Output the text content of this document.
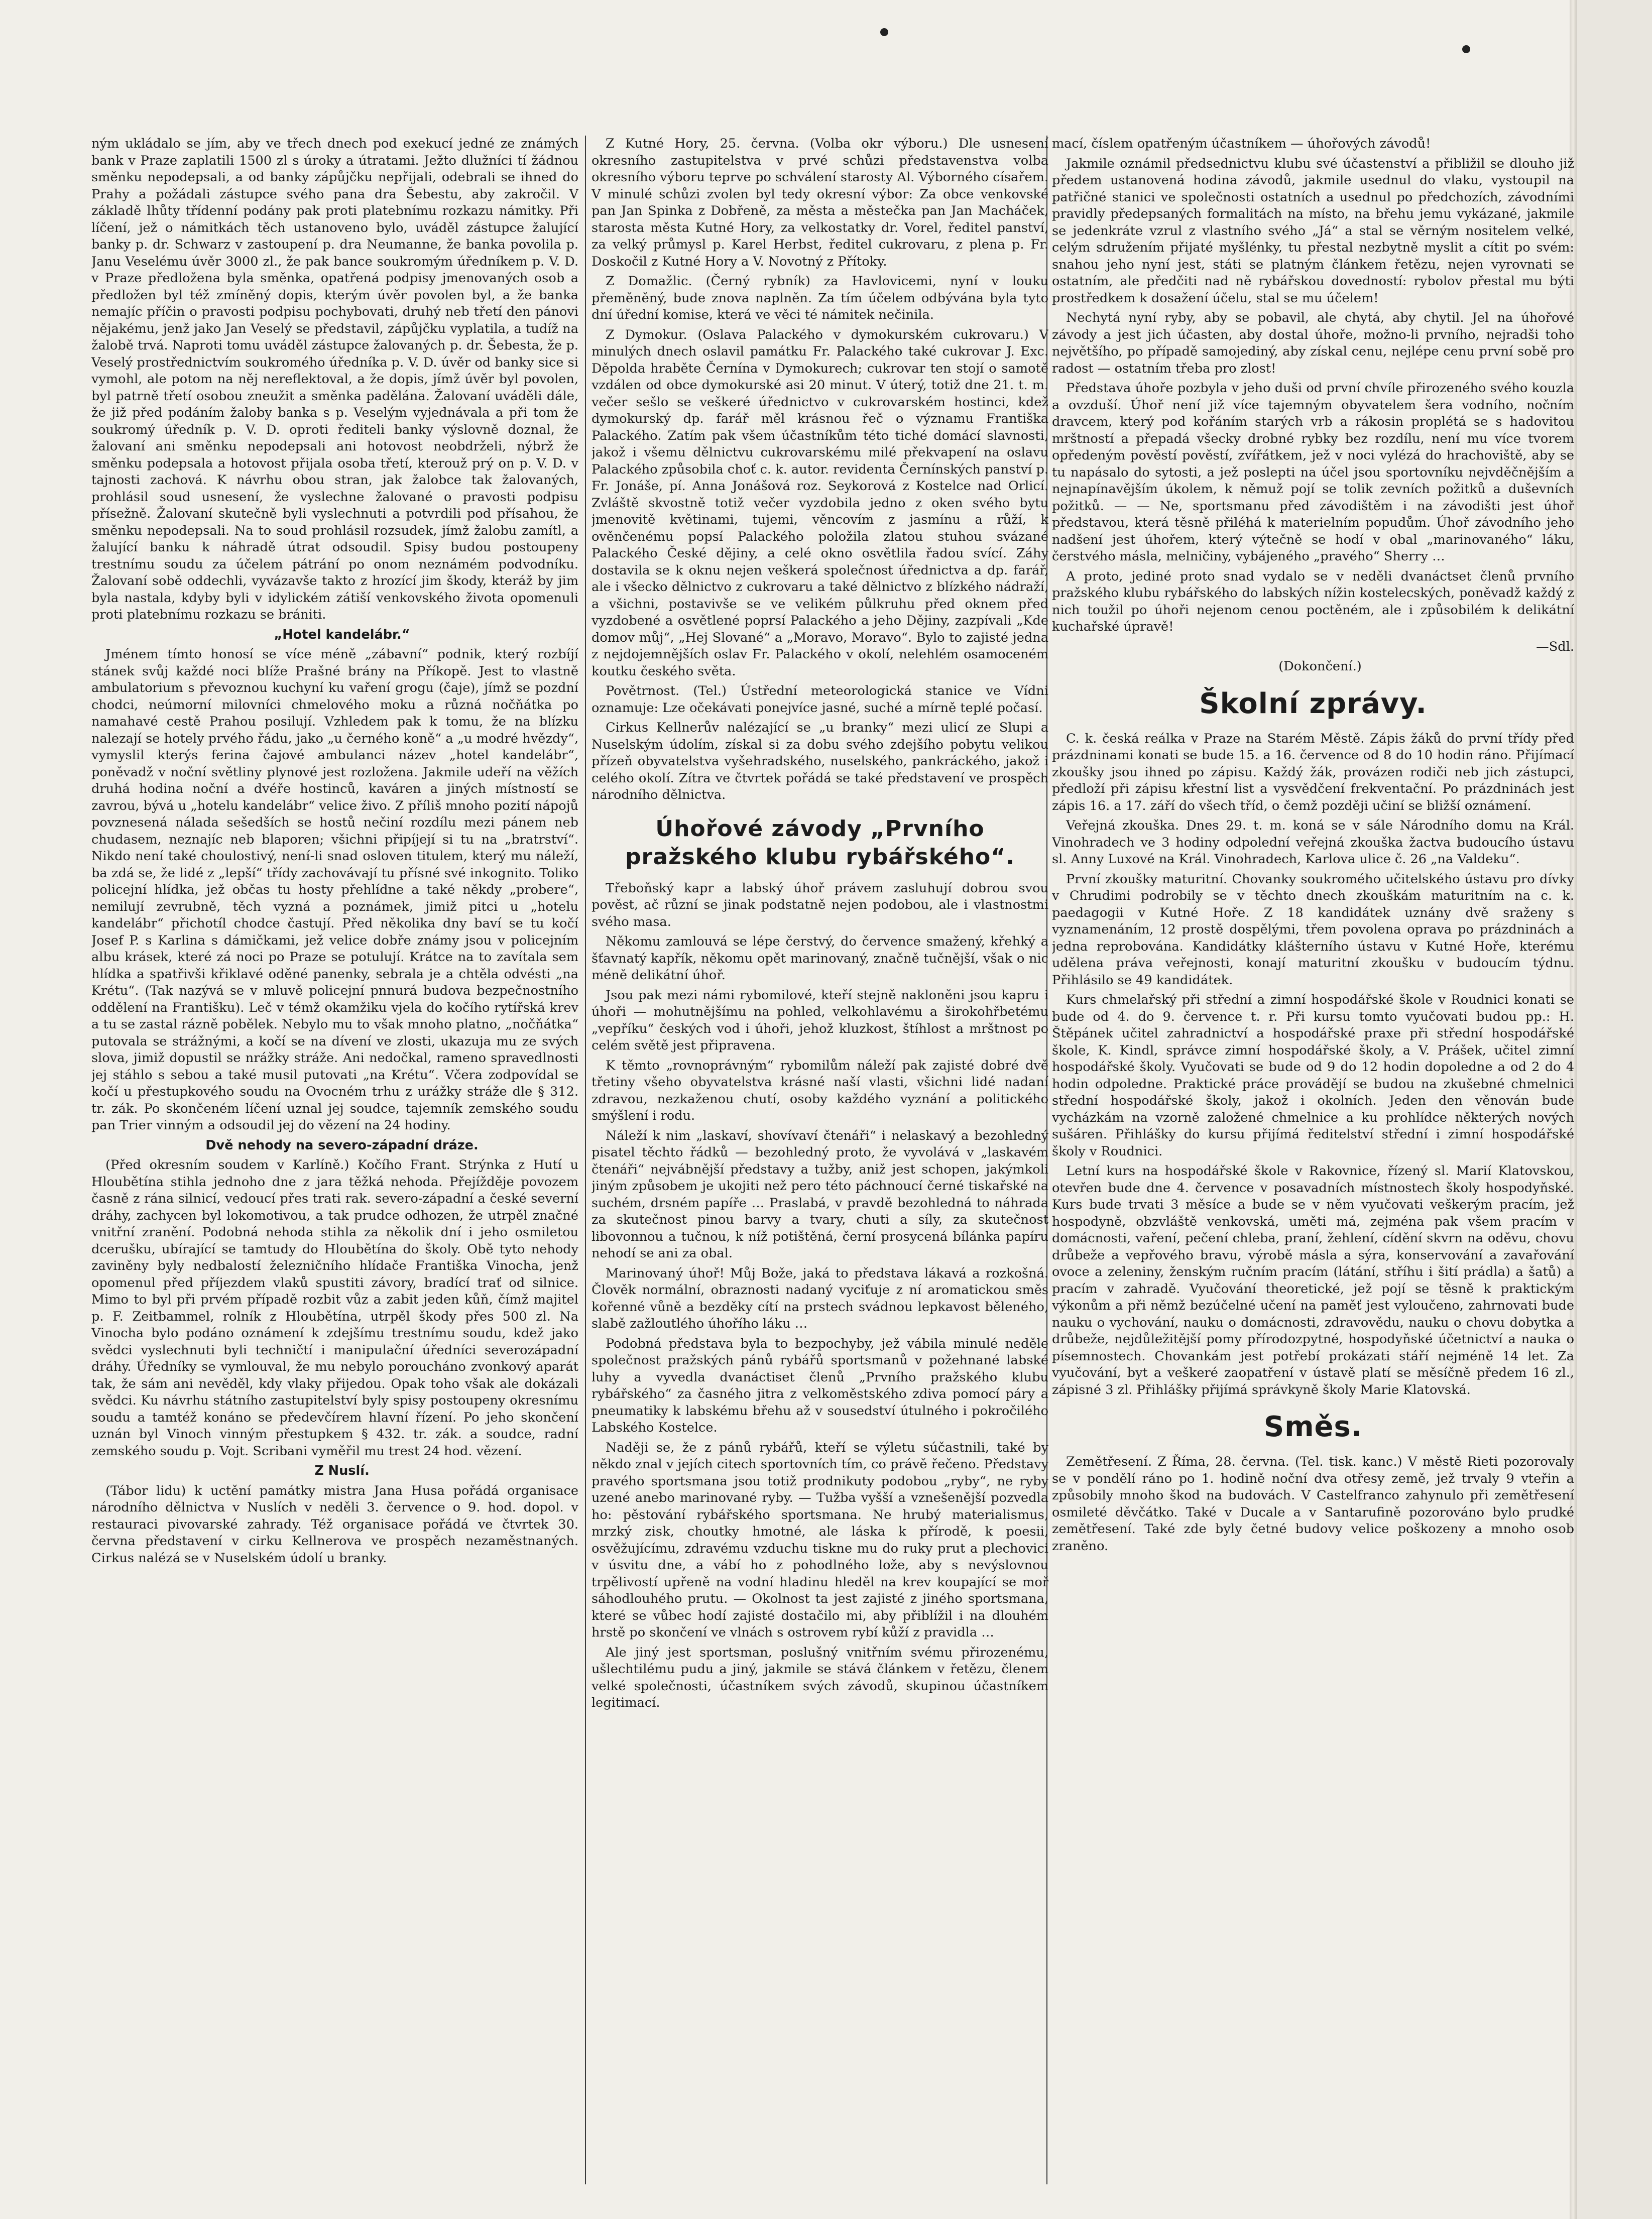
ným ukládalo se jím, aby ve třech dnech pod exekucí jedné ze známých bank v Praze zaplatili 1500 zl s úroky a útratami. Ježto dlužníci tí žádnou směnku nepodepsali, a od banky zápůjčku nepřijali, odebrali se ihned do Prahy a požádali zástupce svého pana dra Šebestu, aby zakročil. V základě lhůty třídenní podány pak proti platebnímu rozkazu námitky. Při líčení, jež o námitkách těch ustanoveno bylo, uváděl zástupce žalující banky p. dr. Schwarz v zastoupení p. dra Neumanne, že banka povolila p. Janu Veselému úvěr 3000 zl., že pak bance soukromým úředníkem p. V. D. v Praze předložena byla směnka, opatřená podpisy jmenovaných osob a předložen byl též zmíněný dopis, kterým úvěr povolen byl, a že banka nemajíc příčin o pravosti podpisu pochybovati, druhý neb třetí den pánovi nějakému, jenž jako Jan Veselý se představil, zápůjčku vyplatila, a tudíž na žalobě trvá. Naproti tomu uváděl zástupce žalovaných p. dr. Šebesta, že p. Veselý prostřednictvím soukromého úředníka p. V. D. úvěr od banky sice si vymohl, ale potom na něj nereflektoval, a že dopis, jímž úvěr byl povolen, byl patrně třetí osobou zneužit a směnka padělána. Žalovaní uváděli dále, že již před podáním žaloby banka s p. Veselým vyjednávala a při tom že soukromý úředník p. V. D. oproti řediteli banky výslovně doznal, že žalovaní ani směnku nepodepsali ani hotovost neobdrželi, nýbrž že směnku podepsala a hotovost přijala osoba třetí, kterouž prý on p. V. D. v tajnosti zachová. K návrhu obou stran, jak žalobce tak žalovaných, prohlásil soud usnesení, že vyslechne žalované o pravosti podpisu přísežně. Žalovaní skutečně byli vyslechnuti a potvrdili pod přísahou, že směnku nepodepsali. Na to soud prohlásil rozsudek, jímž žalobu zamítl, a žalující banku k náhradě útrat odsoudil. Spisy budou postoupeny trestnímu soudu za účelem pátrání po onom neznámém podvodníku. Žalovaní sobě oddechli, vyvázavše takto z hrozící jim škody, kteráž by jim byla nastala, kdyby byli v idylickém zátiší venkovského života opomenuli proti platebnímu rozkazu se brániti.

„Hotel kandelábr.“

Jménem tímto honosí se více méně „zábavní“ podnik, který rozbíjí stánek svůj každé noci blíže Prašné brány na Příkopě. Jest to vlastně ambulatorium s převoznou kuchyní ku vaření grogu (čaje), jímž se pozdní chodci, neúmorní milovníci chmelového moku a různá nočňátka po namahavé cestě Prahou posilují. Vzhledem pak k tomu, že na blízku nalezají se hotely prvého řádu, jako „u černého koně“ a „u modré hvězdy“, vymyslil kterýs ferina čajové ambulanci název „hotel kandelábr“, poněvadž v noční světliny plynové jest rozložena. Jakmile udeří na věžích druhá hodina noční a dvéře hostinců, kaváren a jiných místností se zavrou, bývá u „hotelu kandelábr“ velice živo. Z příliš mnoho pozití nápojů povznesená nálada sešedších se hostů nečiní rozdílu mezi pánem neb chudasem, neznajíc neb blaporen; všichni připíjejí si tu na „bratrství“. Nikdo není také choulostivý, není-li snad osloven titulem, který mu náleží, ba zdá se, že lidé z „lepší“ třídy zachovávají tu přísné své inkognito. Toliko policejní hlídka, jež občas tu hosty přehlídne a také někdy „probere“, nemilují zevrubně, těch vyzná a poznámek, jimiž pitci u „hotelu kandelábr“ přichotíl chodce častují. Před několika dny baví se tu kočí Josef P. s Karlina s dámičkami, jež velice dobře známy jsou v policejním albu krásek, které zá noci po Praze se potulují. Krátce na to zavítala sem hlídka a spatřivši křiklavé oděné panenky, sebrala je a chtěla odvésti „na Krétu“. (Tak nazývá se v mluvě policejní pnnurá budova bezpečnostního oddělení na Františku). Leč v témž okamžiku vjela do kočího rytířská krev a tu se zastal rázně pobělek. Nebylo mu to však mnoho platno, „nočňátka“ putovala se strážnými, a kočí se na dívení ve zlosti, ukazuja mu ze svých slova, jimiž dopustil se nrážky stráže. Ani nedočkal, rameno spravedlnosti jej stáhlo s sebou a také musil putovati „na Krétu“. Včera zodpovídal se kočí u přestupkového soudu na Ovocném trhu z urážky stráže dle § 312. tr. zák. Po skončeném líčení uznal jej soudce, tajemník zemského soudu pan Trier vinným a odsoudil jej do vězení na 24 hodiny.

Dvě nehody na severo-západní dráze.

(Před okresním soudem v Karlíně.) Kočího Frant. Strýnka z Hutí u Hloubětína stihla jednoho dne z jara těžká nehoda. Přejížděje povozem časně z rána silnicí, vedoucí přes trati rak. severo-západní a české severní dráhy, zachycen byl lokomotivou, a tak prudce odhozen, že utrpěl značné vnitřní zranění. Podobná nehoda stihla za několik dní i jeho osmiletou dcerušku, ubírající se tamtudy do Hloubětína do školy. Obě tyto nehody zaviněny byly nedbalostí železničního hlídače Františka Vinocha, jenž opomenul před příjezdem vlaků spustiti závory, bradící trať od silnice. Mimo to byl při prvém případě rozbit vůz a zabit jeden kůň, čímž majitel p. F. Zeitbammel, rolník z Hloubětína, utrpěl škody přes 500 zl. Na Vinocha bylo podáno oznámení k zdejšímu trestnímu soudu, kdež jako svědci vyslechnuti byli techničtí i manipulační úředníci severozápadní dráhy. Úředníky se vymlouval, že mu nebylo poroucháno zvonkový aparát tak, že sám ani nevěděl, kdy vlaky přijedou. Opak toho však ale dokázali svědci. Ku návrhu státního zastupitelství byly spisy postoupeny okresnímu soudu a tamtéž konáno se předevčírem hlavní řízení. Po jeho skončení uznán byl Vinoch vinným přestupkem § 432. tr. zák. a soudce, radní zemského soudu p. Vojt. Scribani vyměřil mu trest 24 hod. vězení.

Z Nuslí.

(Tábor lidu) k uctění památky mistra Jana Husa pořádá organisace národního dělnictva v Nuslích v neděli 3. července o 9. hod. dopol. v restauraci pivovarské zahrady. Též organisace pořádá ve čtvrtek 30. června představení v cirku Kellnerova ve prospěch nezaměstnaných. Cirkus nalézá se v Nuselském údolí u branky.

Z Kutné Hory, 25. června. (Volba okr výboru.) Dle usnesení okresního zastupitelstva v prvé schůzi představenstva volba okresního výboru teprve po schválení starosty Al. Výborného císařem. V minulé schůzi zvolen byl tedy okresní výbor: Za obce venkovské pan Jan Spinka z Dobřeně, za města a městečka pan Jan Macháček, starosta města Kutné Hory, za velkostatky dr. Vorel, ředitel panství, za velký průmysl p. Karel Herbst, ředitel cukrovaru, z plena p. Fr. Doskočil z Kutné Hory a V. Novotný z Přítoky.

Z Domažlic. (Černý rybník) za Havlovicemi, nyní v louku přeměněný, bude znova naplněn. Za tím účelem odbývána byla tyto dní úřední komise, která ve věci té námitek nečinila.

Z Dymokur. (Oslava Palackého v dymokurském cukrovaru.) V minulých dnech oslavil památku Fr. Palackého také cukrovar J. Exc. Děpolda hraběte Černína v Dymokurech; cukrovar ten stojí o samotě vzdálen od obce dymokurské asi 20 minut. V úterý, totiž dne 21. t. m. večer sešlo se veškeré úřednictvo v cukrovarském hostinci, kdež dymokurský dp. farář měl krásnou řeč o významu Františka Palackého. Zatím pak všem účastníkům této tiché domácí slavnosti, jakož i všemu dělnictvu cukrovarskému milé překvapení na oslavu Palackého způsobila choť c. k. autor. revidenta Černínských panství p. Fr. Jonáše, pí. Anna Jonášová roz. Seykorová z Kostelce nad Orlicí. Zvláště skvostně totiž večer vyzdobila jedno z oken svého bytu jmenovitě květinami, tujemi, věncovím z jasmínu a růží, k ověnčenému popsí Palackého položila zlatou stuhou svázané Palackého České dějiny, a celé okno osvětlila řadou svící. Záhy dostavila se k oknu nejen veškerá společnost úřednictva a dp. farář, ale i všecko dělnictvo z cukrovaru a také dělnictvo z blízkého nádraží, a všichni, postavivše se ve velikém půlkruhu před oknem před vyzdobené a osvětlené poprsí Palackého a jeho Dějiny, zazpívali „Kde domov můj“, „Hej Slované“ a „Moravo, Moravo“. Bylo to zajisté jedna z nejdojemnějších oslav Fr. Palackého v okolí, nelehlém osamoceném koutku českého světa.

Povětrnost. (Tel.) Ústřední meteorologická stanice ve Vídni oznamuje: Lze očekávati ponejvíce jasné, suché a mírně teplé počasí.

Cirkus Kellnerův nalézající se „u branky“ mezi ulicí ze Slupi a Nuselským údolím, získal si za dobu svého zdejšího pobytu velikou přízeň obyvatelstva vyšehradského, nuselského, pankráckého, jakož i celého okolí. Zítra ve čtvrtek pořádá se také představení ve prospěch národního dělnictva.

Úhořové závody „Prvního pražského klubu rybářského“.

Třeboňský kapr a labský úhoř právem zasluhují dobrou svou pověst, ač různí se jinak podstatně nejen podobou, ale i vlastnostmi svého masa.

Někomu zamlouvá se lépe čerstvý, do července smažený, křehký a šťavnatý kapřík, někomu opět marinovaný, značně tučnější, však o nic méně delikátní úhoř.

Jsou pak mezi námi rybomilové, kteří stejně nakloněni jsou kapru i úhoři — mohutnějšímu na pohled, velkohlavému a širokohřbetému „vepříku“ českých vod i úhoři, jehož kluzkost, štíhlost a mrštnost po celém světě jest připravena.

K těmto „rovnoprávným“ rybomilům náleží pak zajisté dobré dvě třetiny všeho obyvatelstva krásné naší vlasti, všichni lidé nadaní zdravou, nezkaženou chutí, osoby každého vyznání a politického smýšlení i rodu.

Náleží k nim „laskaví, shovívaví čtenáři“ i nelaskavý a bezohledný pisatel těchto řádků — bezohledný proto, že vyvolává v „laskavém čtenáři“ nejvábnější představy a tužby, aniž jest schopen, jakýmkoli jiným způsobem je ukojiti než pero této páchnoucí černé tiskařské na suchém, drsném papíře … Praslabá, v pravdě bezohledná to náhrada za skutečnost pinou barvy a tvary, chuti a síly, za skutečnost libovonnou a tučnou, k níž potištěná, černí prosycená bílánka papíru nehodí se ani za obal.

Marinovaný úhoř! Můj Bože, jaká to představa lákavá a rozkošná. Člověk normální, obraznosti nadaný vyciťuje z ní aromatickou směs kořenné vůně a bezděky cítí na prstech svádnou lepkavost běleného, slabě zažloutlého úhořího láku …

Podobná představa byla to bezpochyby, jež vábila minulé neděle společnost pražských pánů rybářů sportsmanů v požehnané labské luhy a vyvedla dvanáctiset členů „Prvního pražského klubu rybářského“ za časného jitra z velkoměstského zdiva pomocí páry a pneumatiky k labskému břehu až v sousedství útulného i pokročilého Labského Kostelce.

Naději se, že z pánů rybářů, kteří se výletu súčastnili, také by někdo znal v jejích citech sportovních tím, co právě řečeno. Představy pravého sportsmana jsou totiž prodnikuty podobou „ryby“, ne ryby uzené anebo marinované ryby. — Tužba vyšší a vznešenější pozvedla ho: pěstování rybářského sportsmana. Ne hrubý materialismus, mrzký zisk, choutky hmotné, ale láska k přírodě, k poesii, osvěžujícímu, zdravému vzduchu tiskne mu do ruky prut a plechovici v úsvitu dne, a vábí ho z pohodlného lože, aby s nevýslovnou trpělivostí upřeně na vodní hladinu hleděl na krev koupající se moř sáhodlouhého prutu. — Okolnost ta jest zajisté z jiného sportsmana, které se vůbec hodí zajisté dostačilo mi, aby přiblížil i na dlouhém hrstě po skončení ve vlnách s ostrovem rybí kůží z pravidla …

Ale jiný jest sportsman, poslušný vnitřním svému přirozenému, ušlechtilému pudu a jiný, jakmile se stává článkem v řetězu, členem velké společnosti, účastníkem svých závodů, skupinou účastníkem legitimací.

mací, číslem opatřeným účastníkem — úhořových závodů!

Jakmile oznámil předsednictvu klubu své účastenství a přibližil se dlouho již předem ustanovená hodina závodů, jakmile usednul do vlaku, vystoupil na patřičné stanici ve společnosti ostatních a usednul po předchozích, závodními pravidly předepsaných formalitách na místo, na břehu jemu vykázané, jakmile se jedenkráte vzrul z vlastního svého „Já“ a stal se věrným nositelem velké, celým sdružením přijaté myšlénky, tu přestal nezbytně myslit a cítit po svém: snahou jeho nyní jest, státi se platným článkem řetězu, nejen vyrovnati se ostatním, ale předčiti nad ně rybářskou dovedností: rybolov přestal mu býti prostředkem k dosažení účelu, stal se mu účelem!

Nechytá nyní ryby, aby se pobavil, ale chytá, aby chytil. Jel na úhořové závody a jest jich účasten, aby dostal úhoře, možno-li prvního, nejradši toho největšího, po případě samojediný, aby získal cenu, nejlépe cenu první sobě pro radost — ostatním třeba pro zlost!

Představa úhoře pozbyla v jeho duši od první chvíle přirozeného svého kouzla a ovzduší. Úhoř není již více tajemným obyvatelem šera vodního, nočním dravcem, který pod kořáním starých vrb a rákosin proplétá se s hadovitou mrštností a přepadá všecky drobné rybky bez rozdílu, není mu více tvorem opředeným pověstí pověstí, zvířátkem, jež v noci vylézá do hrachoviště, aby se tu napásalo do sytosti, a jež poslepti na účel jsou sportovníku nejvděčnějším a nejnapínavějším úkolem, k němuž pojí se tolik zevních požitků a duševních požitků. — — Ne, sportsmanu před závodištěm i na závodišti jest úhoř představou, která těsně přiléhá k materielním popudům. Úhoř závodního jeho nadšení jest úhořem, který výtečně se hodí v obal „marinovaného“ láku, čerstvého másla, melničiny, vybájeného „pravého“ Sherry …

A proto, jediné proto snad vydalo se v neděli dvanáctset členů prvního pražského klubu rybářského do labských nížin kostelecských, poněvadž každý z nich toužil po úhoři nejenom cenou poctěném, ale i způsobilém k delikátní kuchařské úpravě!

—Sdl.

(Dokončení.)

Školní zprávy.

C. k. česká reálka v Praze na Starém Městě. Zápis žáků do první třídy před prázdninami konati se bude 15. a 16. července od 8 do 10 hodin ráno. Přijímací zkoušky jsou ihned po zápisu. Každý žák, provázen rodiči neb jich zástupci, předloží při zápisu křestní list a vysvědčení frekventační. Po prázdninách jest zápis 16. a 17. září do všech tříd, o čemž později učiní se bližší oznámení.

Veřejná zkouška. Dnes 29. t. m. koná se v sále Národního domu na Král. Vinohradech ve 3 hodiny odpolední veřejná zkouška žactva budoucího ústavu sl. Anny Luxové na Král. Vinohradech, Karlova ulice č. 26 „na Valdeku“.

První zkoušky maturitní. Chovanky soukromého učitelského ústavu pro dívky v Chrudimi podrobily se v těchto dnech zkouškám maturitním na c. k. paedagogii v Kutné Hoře. Z 18 kandidátek uznány dvě sraženy s vyznamenáním, 12 prostě dospělými, třem povolena oprava po prázdninách a jedna reprobována. Kandidátky klášterního ústavu v Kutné Hoře, kterému udělena práva veřejnosti, konají maturitní zkoušku v budoucím týdnu. Přihlásilo se 49 kandidátek.

Kurs chmelařský při střední a zimní hospodářské škole v Roudnici konati se bude od 4. do 9. července t. r. Při kursu tomto vyučovati budou pp.: H. Štěpánek učitel zahradnictví a hospodářské praxe při střední hospodářské škole, K. Kindl, správce zimní hospodářské školy, a V. Prášek, učitel zimní hospodářské školy. Vyučovati se bude od 9 do 12 hodin dopoledne a od 2 do 4 hodin odpoledne. Praktické práce provádějí se budou na zkušebné chmelnici střední hospodářské školy, jakož i okolních. Jeden den věnován bude vycházkám na vzorně založené chmelnice a ku prohlídce některých nových sušáren. Přihlášky do kursu přijímá ředitelství střední i zimní hospodářské školy v Roudnici.

Letní kurs na hospodářské škole v Rakovnice, řízený sl. Marií Klatovskou, otevřen bude dne 4. července v posavadních místnostech školy hospodyňské. Kurs bude trvati 3 měsíce a bude se v něm vyučovati veškerým pracím, jež hospodyně, obzvláště venkovská, uměti má, zejména pak všem pracím v domácnosti, vaření, pečení chleba, praní, žehlení, cídění skvrn na oděvu, chovu drůbeže a vepřového bravu, výrobě másla a sýra, konservování a zavařování ovoce a zeleniny, ženským ručním pracím (látání, stříhu i šití prádla) a šatů) a pracím v zahradě. Vyučování theoretické, jež pojí se těsně k praktickým výkonům a při němž bezúčelné učení na paměť jest vyloučeno, zahrnovati bude nauku o vychování, nauku o domácnosti, zdravovědu, nauku o chovu dobytka a drůbeže, nejdůležitější pomy přírodozpytné, hospodyňské účetnictví a nauka o písemnostech. Chovankám jest potřebí prokázati stáří nejméně 14 let. Za vyučování, byt a veškeré zaopatření v ústavě platí se měsíčně předem 16 zl., zápisné 3 zl. Přihlášky přijímá správkyně školy Marie Klatovská.

Směs.

Zemětřesení. Z Říma, 28. června. (Tel. tisk. kanc.) V městě Rieti pozorovaly se v pondělí ráno po 1. hodině noční dva otřesy země, jež trvaly 9 vteřin a způsobily mnoho škod na budovách. V Castelfranco zahynulo při zemětřesení osmileté děvčátko. Také v Ducale a v Santarufině pozorováno bylo prudké zemětřesení. Také zde byly četné budovy velice poškozeny a mnoho osob zraněno.
